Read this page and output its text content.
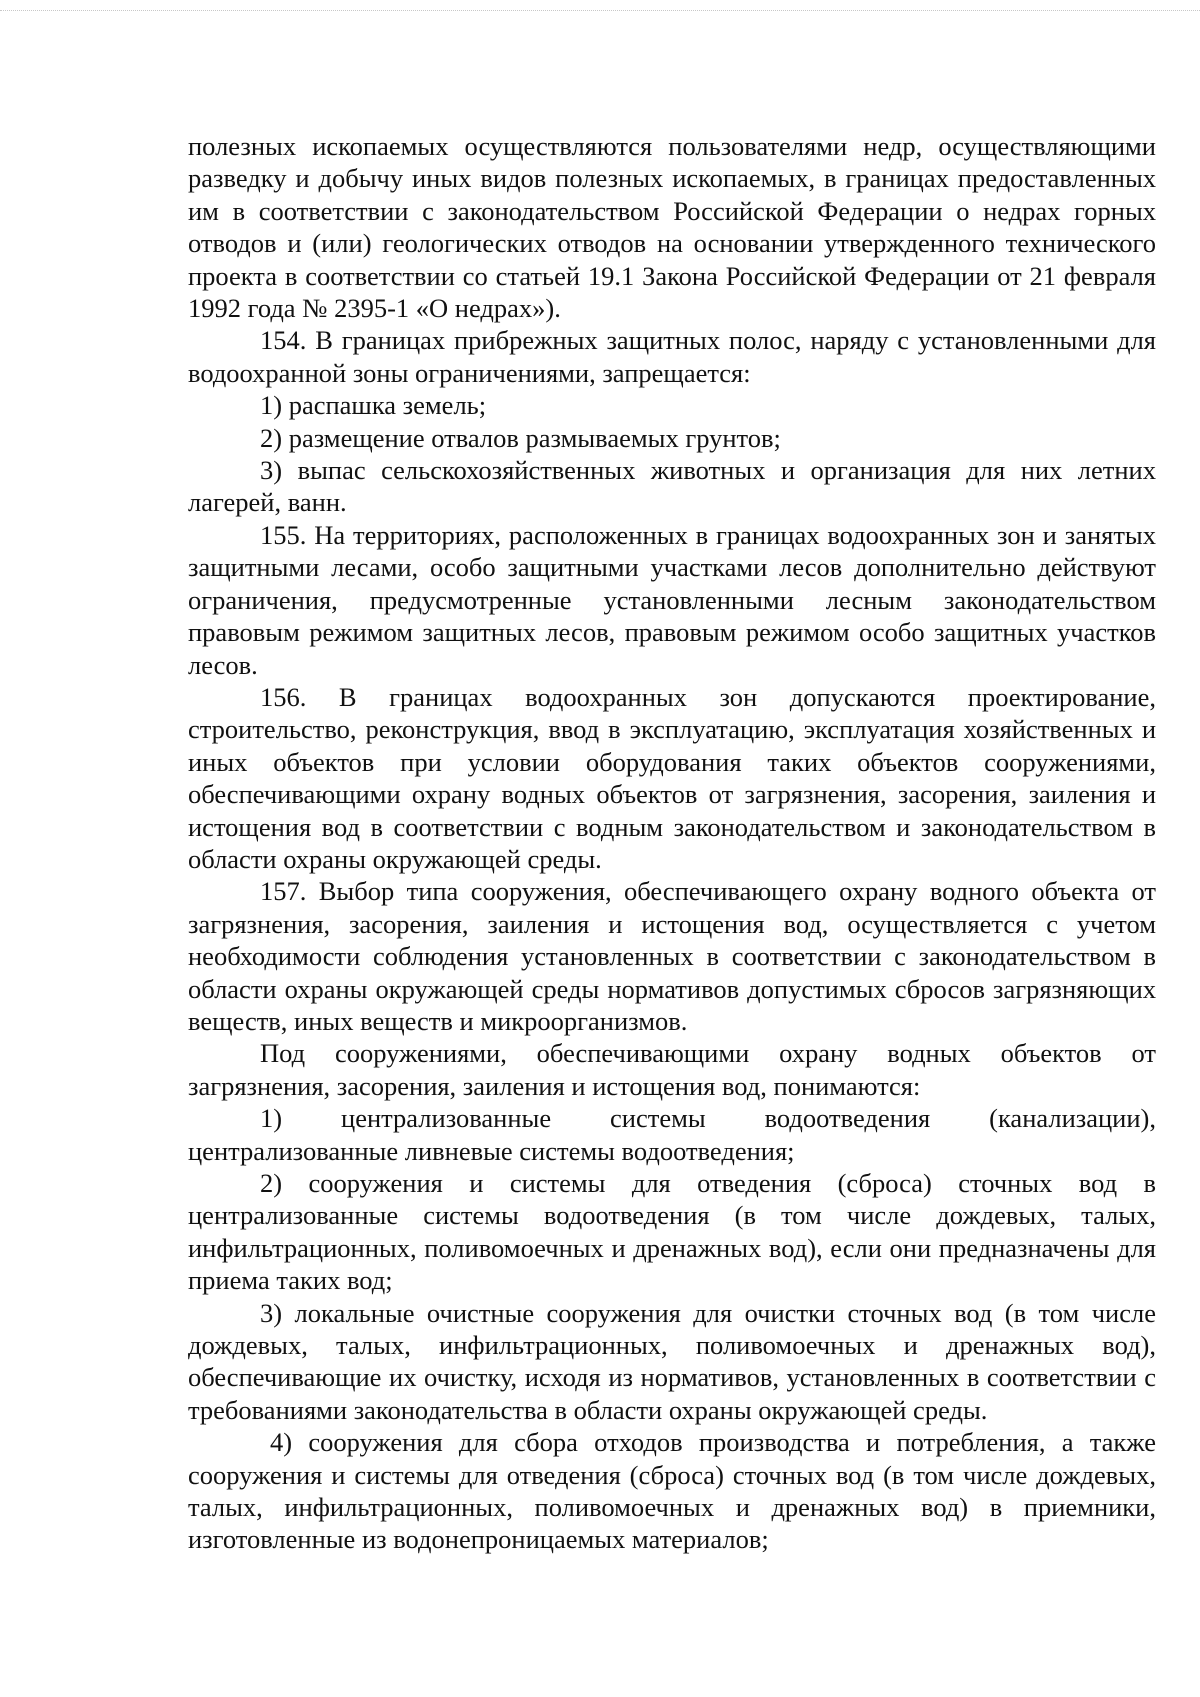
полезных ископаемых осуществляются пользователями недр, осуществляющими разведку и добычу иных видов полезных ископаемых, в границах предоставленных им в соответствии с законодательством Российской Федерации о недрах горных отводов и (или) геологических отводов на основании утвержденного технического проекта в соответствии со статьей 19.1 Закона Российской Федерации от 21 февраля 1992 года № 2395-1 «О недрах»).

154. В границах прибрежных защитных полос, наряду с установленными для водоохранной зоны ограничениями, запрещается:

1) распашка земель;

2) размещение отвалов размываемых грунтов;

3) выпас сельскохозяйственных животных и организация для них летних лагерей, ванн.

155. На территориях, расположенных в границах водоохранных зон и занятых защитными лесами, особо защитными участками лесов дополнительно действуют ограничения, предусмотренные установленными лесным законодательством правовым режимом защитных лесов, правовым режимом особо защитных участков лесов.

156. В границах водоохранных зон допускаются проектирование, строительство, реконструкция, ввод в эксплуатацию, эксплуатация хозяйственных и иных объектов при условии оборудования таких объектов сооружениями, обеспечивающими охрану водных объектов от загрязнения, засорения, заиления и истощения вод в соответствии с водным законодательством и законодательством в области охраны окружающей среды.

157. Выбор типа сооружения, обеспечивающего охрану водного объекта от загрязнения, засорения, заиления и истощения вод, осуществляется с учетом необходимости соблюдения установленных в соответствии с законодательством в области охраны окружающей среды нормативов допустимых сбросов загрязняющих веществ, иных веществ и микроорганизмов.

Под сооружениями, обеспечивающими охрану водных объектов от загрязнения, засорения, заиления и истощения вод, понимаются:

1) централизованные системы водоотведения (канализации), централизованные ливневые системы водоотведения;

2) сооружения и системы для отведения (сброса) сточных вод в централизованные системы водоотведения (в том числе дождевых, талых, инфильтрационных, поливомоечных и дренажных вод), если они предназначены для приема таких вод;

3) локальные очистные сооружения для очистки сточных вод (в том числе дождевых, талых, инфильтрационных, поливомоечных и дренажных вод), обеспечивающие их очистку, исходя из нормативов, установленных в соответствии с требованиями законодательства в области охраны окружающей среды.

4) сооружения для сбора отходов производства и потребления, а также сооружения и системы для отведения (сброса) сточных вод (в том числе дождевых, талых, инфильтрационных, поливомоечных и дренажных вод) в приемники, изготовленные из водонепроницаемых материалов;
